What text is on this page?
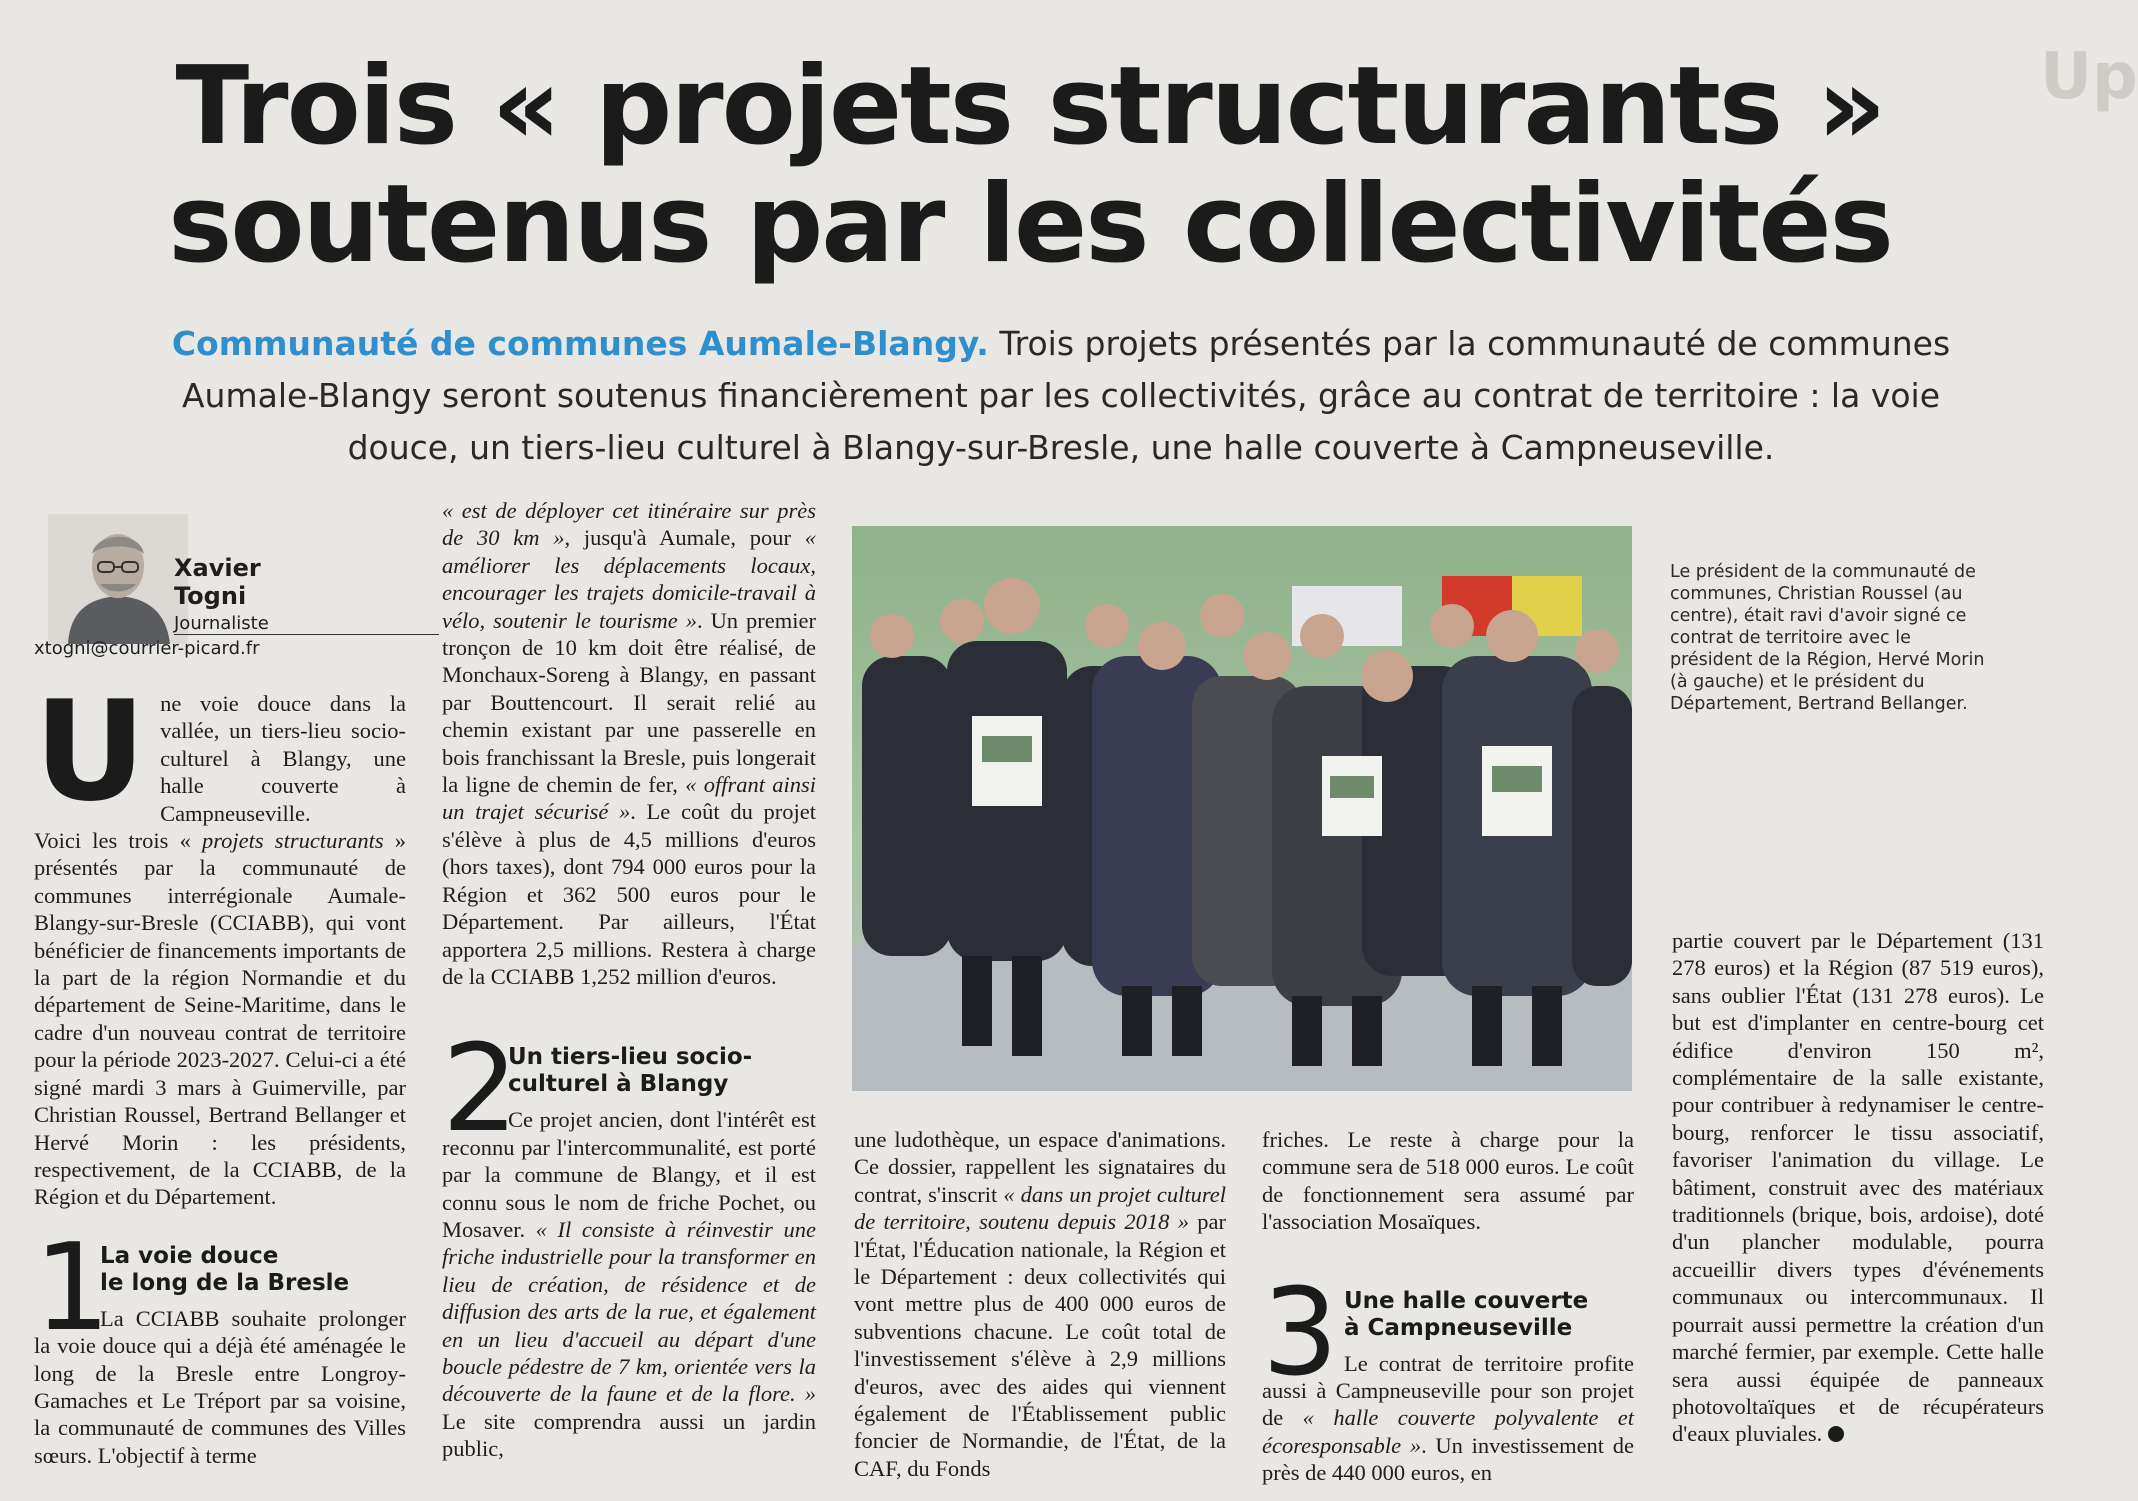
Up
Trois « projets structurants »
soutenus par les collectivités
Communauté de communes Aumale-Blangy. Trois projets présentés par la communauté de communes Aumale-Blangy seront soutenus financièrement par les collectivités, grâce au contrat de territoire : la voie douce, un tiers-lieu culturel à Blangy-sur-Bresle, une halle couverte à Campneuseville.
Xavier
Togni
Journaliste
xtogni@courrier-picard.fr
U ne voie douce dans la vallée, un tiers-lieu socio-culturel à Blangy, une halle couverte à Campneuseville.

Voici les trois « projets structurants » présentés par la communauté de communes interrégionale Aumale-Blangy-sur-Bresle (CCIABB), qui vont bénéficier de financements importants de la part de la région Normandie et du département de Seine-Maritime, dans le cadre d'un nouveau contrat de territoire pour la période 2023-2027. Celui-ci a été signé mardi 3 mars à Guimerville, par Christian Roussel, Bertrand Bellanger et Hervé Morin : les présidents, respectivement, de la CCIABB, de la Région et du Département.

1
La voie douce
le long de la Bresle

La CCIABB souhaite prolonger la voie douce qui a déjà été aménagée le long de la Bresle entre Longroy-Gamaches et Le Tréport par sa voisine, la communauté de communes des Villes sœurs. L'objectif à terme

« est de déployer cet itinéraire sur près de 30 km », jusqu'à Aumale, pour « améliorer les déplacements locaux, encourager les trajets domicile-travail à vélo, soutenir le tourisme ». Un premier tronçon de 10 km doit être réalisé, de Monchaux-Soreng à Blangy, en passant par Bouttencourt. Il serait relié au chemin existant par une passerelle en bois franchissant la Bresle, puis longerait la ligne de chemin de fer, « offrant ainsi un trajet sécurisé ». Le coût du projet s'élève à plus de 4,5 millions d'euros (hors taxes), dont 794 000 euros pour la Région et 362 500 euros pour le Département. Par ailleurs, l'État apportera 2,5 millions. Restera à charge de la CCIABB 1,252 million d'euros.

2
Un tiers-lieu socio-
culturel à Blangy

Ce projet ancien, dont l'intérêt est reconnu par l'intercommunalité, est porté par la commune de Blangy, et il est connu sous le nom de friche Pochet, ou Mosaver. « Il consiste à réinvestir une friche industrielle pour la transformer en lieu de création, de résidence et de diffusion des arts de la rue, et également en un lieu d'accueil au départ d'une boucle pédestre de 7 km, orientée vers la découverte de la faune et de la flore. » Le site comprendra aussi un jardin public,

Le président de la communauté de communes, Christian Roussel (au centre), était ravi d'avoir signé ce contrat de territoire avec le président de la Région, Hervé Morin (à gauche) et le président du Département, Bertrand Bellanger.

une ludothèque, un espace d'animations. Ce dossier, rappellent les signataires du contrat, s'inscrit « dans un projet culturel de territoire, soutenu depuis 2018 » par l'État, l'Éducation nationale, la Région et le Département : deux collectivités qui vont mettre plus de 400 000 euros de subventions chacune. Le coût total de l'investissement s'élève à 2,9 millions d'euros, avec des aides qui viennent également de l'Établissement public foncier de Normandie, de l'État, de la CAF, du Fonds

friches. Le reste à charge pour la commune sera de 518 000 euros. Le coût de fonctionnement sera assumé par l'association Mosaïques.

3 Une halle couverte
à Campneuseville

Le contrat de territoire profite aussi à Campneuseville pour son projet de « halle couverte polyvalente et écoresponsable ». Un investissement de près de 440 000 euros, en

partie couvert par le Département (131 278 euros) et la Région (87 519 euros), sans oublier l'État (131 278 euros). Le but est d'implanter en centre-bourg cet édifice d'environ 150 m², complémentaire de la salle existante, pour contribuer à redynamiser le centre-bourg, renforcer le tissu associatif, favoriser l'animation du village. Le bâtiment, construit avec des matériaux traditionnels (brique, bois, ardoise), doté d'un plancher modulable, pourra accueillir divers types d'événements communaux ou intercommunaux. Il pourrait aussi permettre la création d'un marché fermier, par exemple. Cette halle sera aussi équipée de panneaux photovoltaïques et de récupérateurs d'eaux pluviales.
